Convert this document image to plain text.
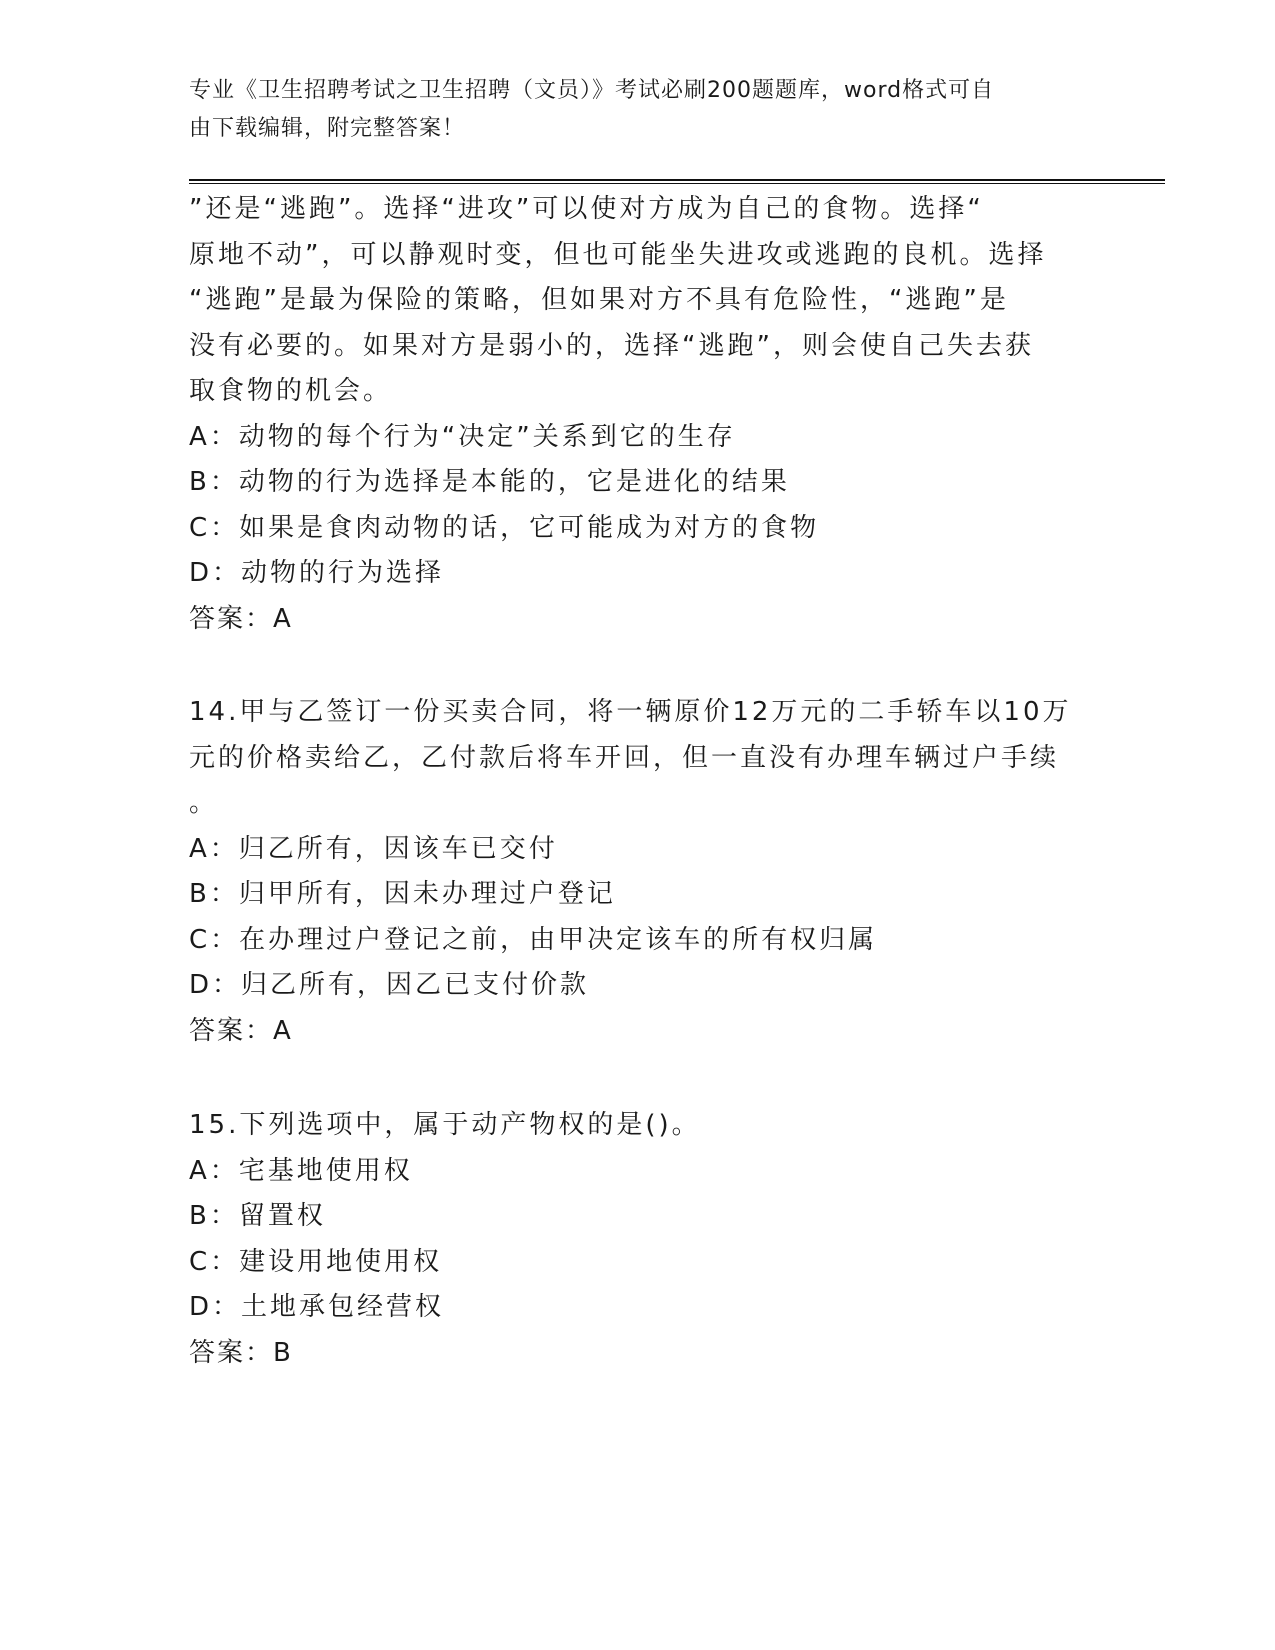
专业《卫生招聘考试之卫生招聘（文员）》考试必刷200题题库，word格式可自
由下载编辑，附完整答案！
”还是“逃跑”。选择“进攻”可以使对方成为自己的食物。选择“
原地不动”，可以静观时变，但也可能坐失进攻或逃跑的良机。选择
“逃跑”是最为保险的策略，但如果对方不具有危险性，“逃跑”是
没有必要的。如果对方是弱小的，选择“逃跑”，则会使自己失去获
取食物的机会。
A：动物的每个行为“决定”关系到它的生存
B：动物的行为选择是本能的，它是进化的结果
C：如果是食肉动物的话，它可能成为对方的食物
D：动物的行为选择
答案：A
14.甲与乙签订一份买卖合同，将一辆原价12万元的二手轿车以10万
元的价格卖给乙，乙付款后将车开回，但一直没有办理车辆过户手续
。
A：归乙所有，因该车已交付
B：归甲所有，因未办理过户登记
C：在办理过户登记之前，由甲决定该车的所有权归属
D：归乙所有，因乙已支付价款
答案：A
15.下列选项中，属于动产物权的是()。
A：宅基地使用权
B：留置权
C：建设用地使用权
D：土地承包经营权
答案：B
